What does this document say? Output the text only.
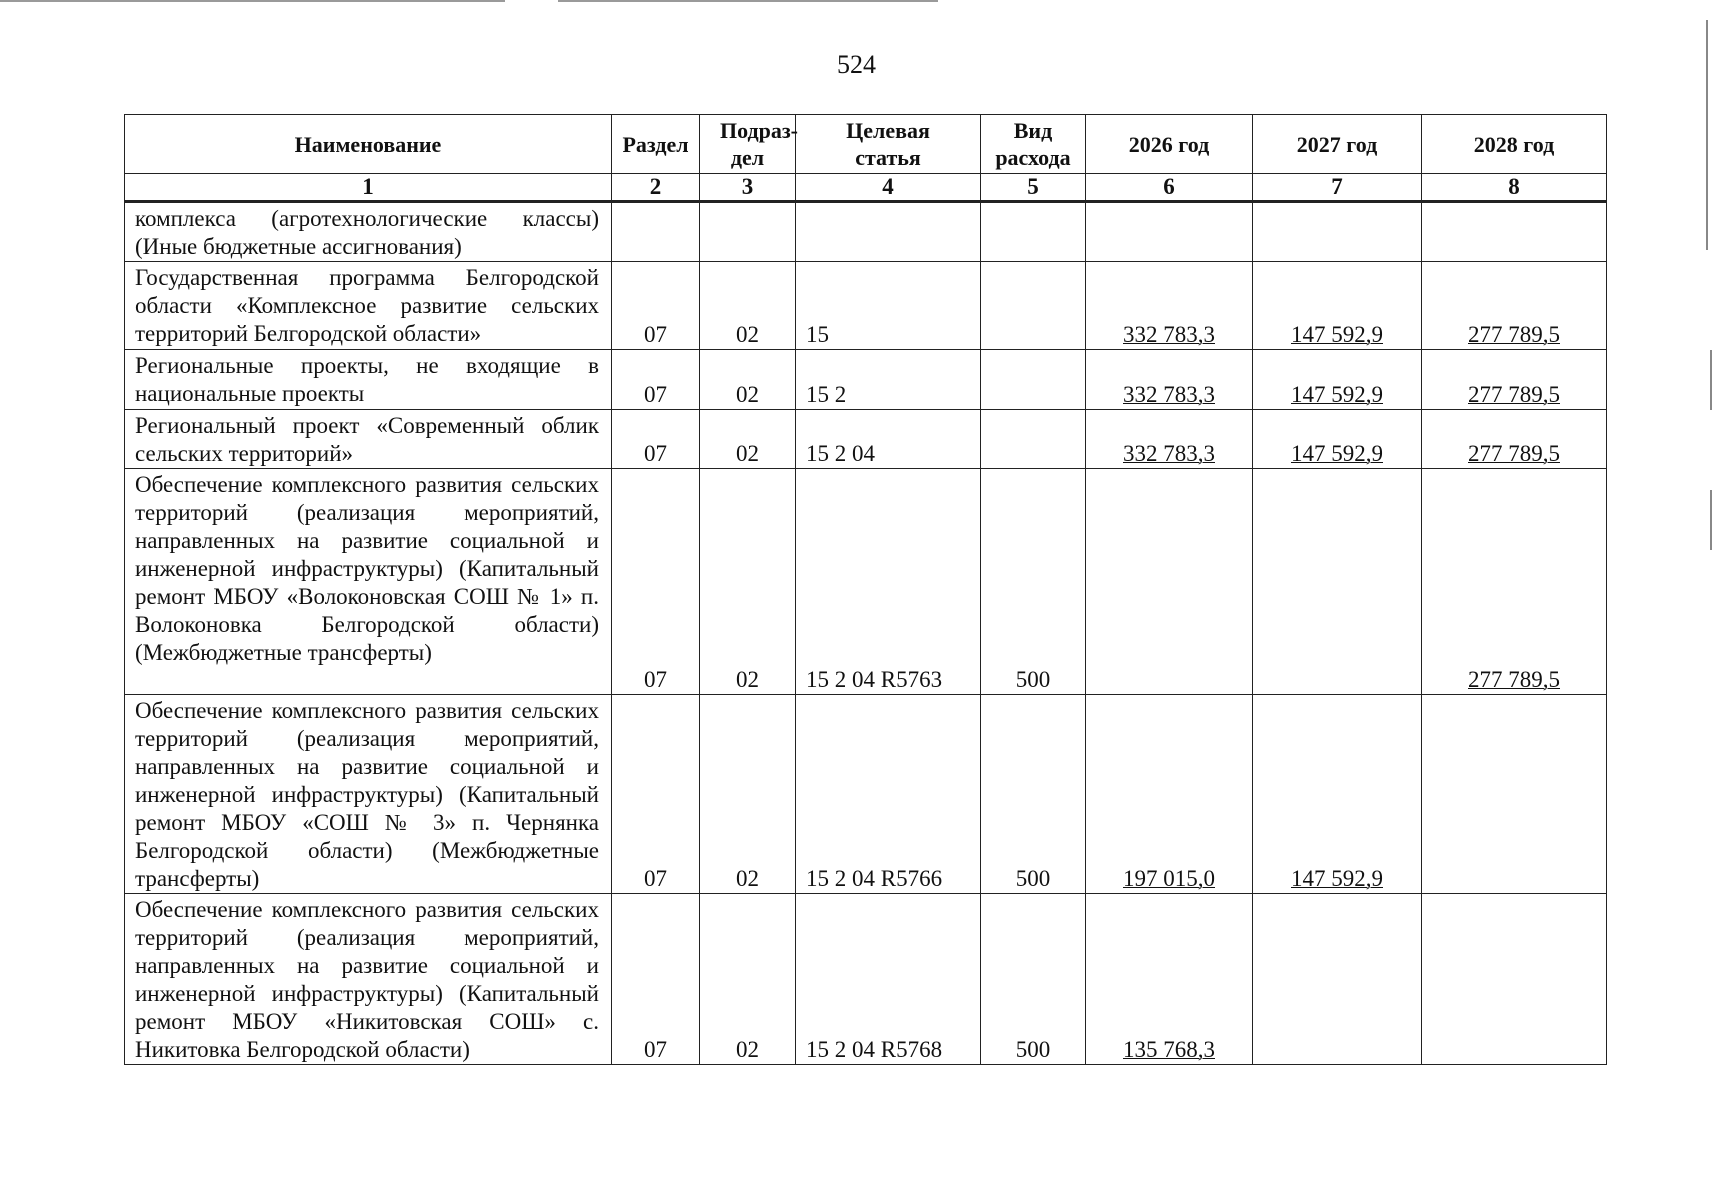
524
Наименование	Раздел	Подраз-дел	Целевая статья	Вид расхода	2026 год	2027 год	2028 год
1	2	3	4	5	6	7	8
комплекса (агротехнологические классы) (Иные бюджетные ассигнования)							
Государственная программа Белгородской области «Комплексное развитие сельских территорий Белгородской области»	07	02	15		332 783,3	147 592,9	277 789,5
Региональные проекты, не входящие в национальные проекты	07	02	15 2		332 783,3	147 592,9	277 789,5
Региональный проект «Современный облик сельских территорий»	07	02	15 2 04		332 783,3	147 592,9	277 789,5
Обеспечение комплексного развития сельских территорий (реализация мероприятий, направленных на развитие социальной и инженерной инфраструктуры) (Капитальный ремонт МБОУ «Волоконовская СОШ № 1» п. Волоконовка Белгородской области) (Межбюджетные трансферты)	07	02	15 2 04 R5763	500			277 789,5
Обеспечение комплексного развития сельских территорий (реализация мероприятий, направленных на развитие социальной и инженерной инфраструктуры) (Капитальный ремонт МБОУ «СОШ № 3» п. Чернянка Белгородской области) (Межбюджетные трансферты)	07	02	15 2 04 R5766	500	197 015,0	147 592,9	
Обеспечение комплексного развития сельских территорий (реализация мероприятий, направленных на развитие социальной и инженерной инфраструктуры) (Капитальный ремонт МБОУ «Никитовская СОШ» с. Никитовка Белгородской области)	07	02	15 2 04 R5768	500	135 768,3		
